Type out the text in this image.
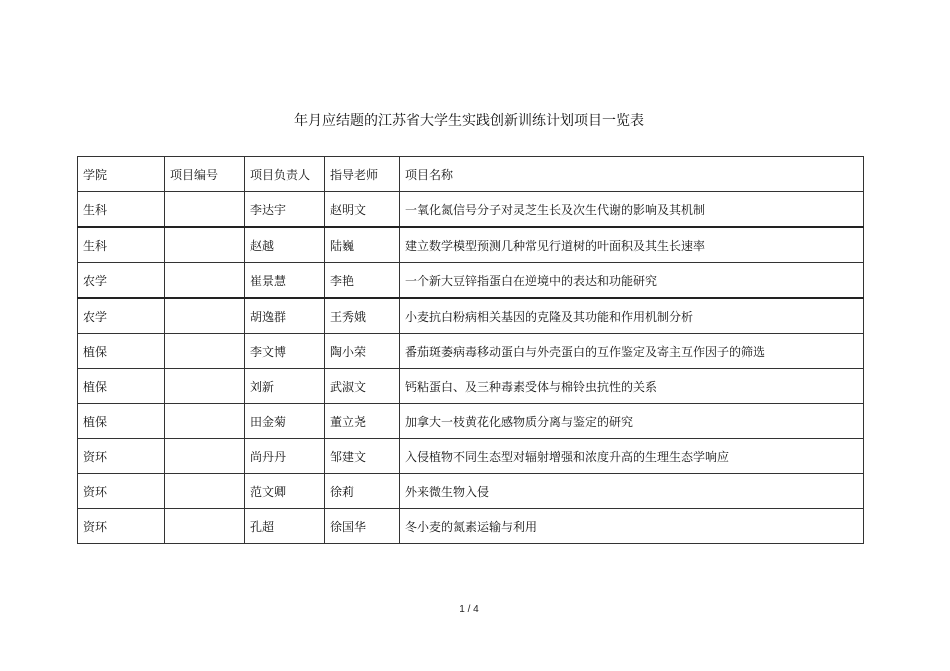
年月应结题的江苏省大学生实践创新训练计划项目一览表
学院	项目编号	项目负责人	指导老师	项目名称
生科		李达宇	赵明文	一氧化氮信号分子对灵芝生长及次生代谢的影响及其机制
生科		赵越	陆巍	建立数学模型预测几种常见行道树的叶面积及其生长速率
农学		崔景慧	李艳	一个新大豆锌指蛋白在逆境中的表达和功能研究
农学		胡逸群	王秀娥	小麦抗白粉病相关基因的克隆及其功能和作用机制分析
植保		李文博	陶小荣	番茄斑萎病毒移动蛋白与外壳蛋白的互作鉴定及寄主互作因子的筛选
植保		刘新	武淑文	钙粘蛋白、及三种毒素受体与棉铃虫抗性的关系
植保		田金菊	董立尧	加拿大一枝黄花化感物质分离与鉴定的研究
资环		尚丹丹	邹建文	入侵植物不同生态型对辐射增强和浓度升高的生理生态学响应
资环		范文卿	徐莉	外来微生物入侵
资环		孔超	徐国华	冬小麦的氮素运输与利用
1 / 4
